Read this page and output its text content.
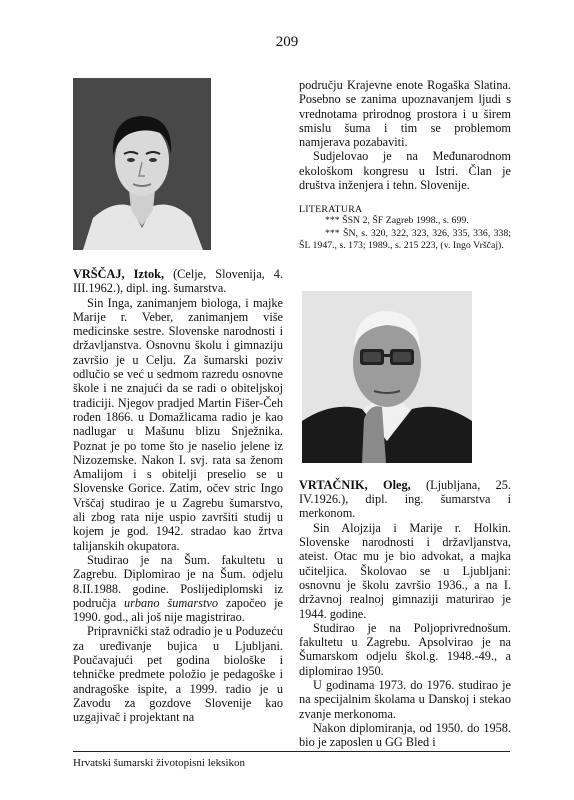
209

VRŠČAJ, Iztok, (Celje, Slovenija, 4. III.1962.), dipl. ing. šumarstva.

Sin Inga, zanimanjem biologa, i majke Marije r. Veber, zanimanjem više medicinske sestre. Slovenske narodnosti i državljanstva. Osnovnu školu i gimnaziju završio je u Celju. Za šumarski poziv odlučio se već u sedmom razredu osnovne škole i ne znajući da se radi o obiteljskoj tradiciji. Njegov pradjed Martin Fišer-Čeh rođen 1866. u Domažlicama radio je kao nadlugar u Mašunu blizu Snježnika. Poznat je po tome što je naselio jelene iz Nizozemske. Nakon I. svj. rata sa ženom Amalijom i s obitelji preselio se u Slovenske Gorice. Zatim, očev stric Ingo Vrščaj studirao je u Zagrebu šumarstvo, ali zbog rata nije uspio završiti studij u kojem je god. 1942. stradao kao žrtva talijanskih okupatora.

Studirao je na Šum. fakultetu u Zagrebu. Diplomirao je na Šum. odjelu 8.II.1988. godine. Poslijediplomski iz područja urbano šumarstvo započeo je 1990. god., ali još nije magistrirao.

Pripravnički staž odradio je u Poduzeću za uređivanje bujica u Ljubljani. Poučavajući pet godina biološke i tehničke predmete položio je pedagoške i andragoške ispite, a 1999. radio je u Zavodu za gozdove Slovenije kao uzgajivač i projektant na

području Krajevne enote Rogaška Slatina. Posebno se zanima upoznavanjem ljudi s vrednotama prirodnog prostora i u širem smislu šuma i tim se problemom namjerava pozabaviti.

Sudjelovao je na Međunarodnom ekološkom kongresu u Istri. Član je društva inženjera i tehn. Slovenije.

LITERATURA

*** ŠSN 2, ŠF Zagreb 1998., s. 699.

*** ŠN, s. 320, 322, 323, 326, 335, 336, 338; ŠL 1947., s. 173; 1989., s. 215 223, (v. Ingo Vrščaj).

VRTAČNIK, Oleg, (Ljubljana, 25. IV.1926.), dipl. ing. šumarstva i merkonom.

Sin Alojzija i Marije r. Holkin. Slovenske narodnosti i državljanstva, ateist. Otac mu je bio advokat, a majka učiteljica. Školovao se u Ljubljani: osnovnu je školu završio 1936., a na I. državnoj realnoj gimnaziji maturirao je 1944. godine.

Studirao je na Poljoprivrednošum. fakultetu u Zagrebu. Apsolvirao je na Šumarskom odjelu škol.g. 1948.-49., a diplomirao 1950.

U godinama 1973. do 1976. studirao je na specijalnim školama u Danskoj i stekao zvanje merkonoma.

Nakon diplomiranja, od 1950. do 1958. bio je zaposlen u GG Bled i

Hrvatski šumarski životopisni leksikon
